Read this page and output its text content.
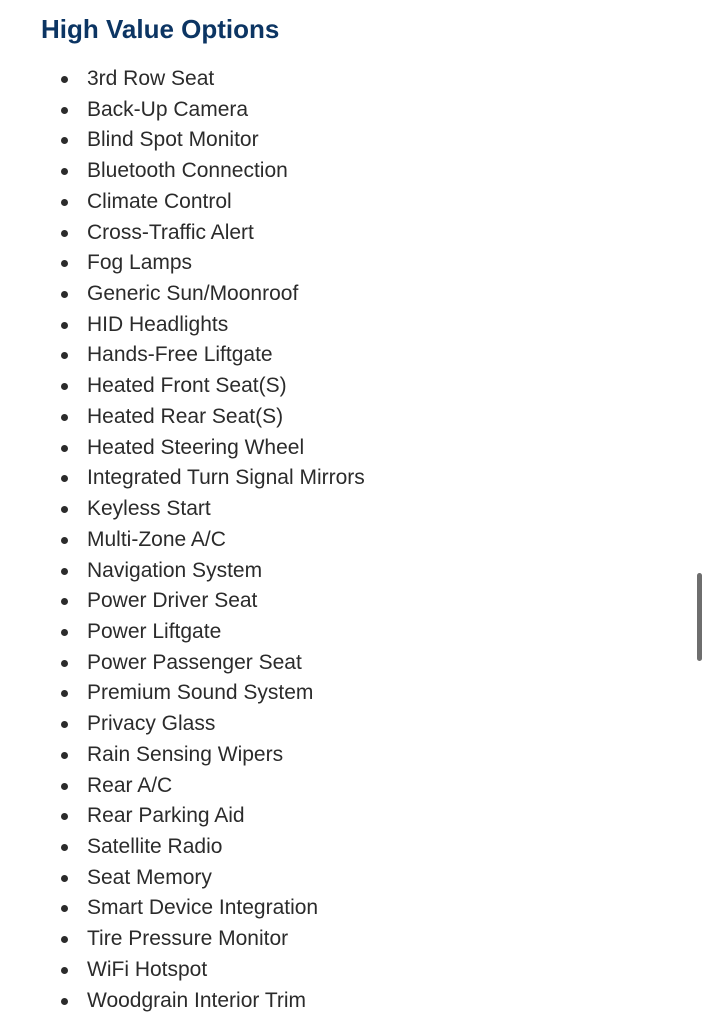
High Value Options
3rd Row Seat
Back-Up Camera
Blind Spot Monitor
Bluetooth Connection
Climate Control
Cross-Traffic Alert
Fog Lamps
Generic Sun/Moonroof
HID Headlights
Hands-Free Liftgate
Heated Front Seat(S)
Heated Rear Seat(S)
Heated Steering Wheel
Integrated Turn Signal Mirrors
Keyless Start
Multi-Zone A/C
Navigation System
Power Driver Seat
Power Liftgate
Power Passenger Seat
Premium Sound System
Privacy Glass
Rain Sensing Wipers
Rear A/C
Rear Parking Aid
Satellite Radio
Seat Memory
Smart Device Integration
Tire Pressure Monitor
WiFi Hotspot
Woodgrain Interior Trim
